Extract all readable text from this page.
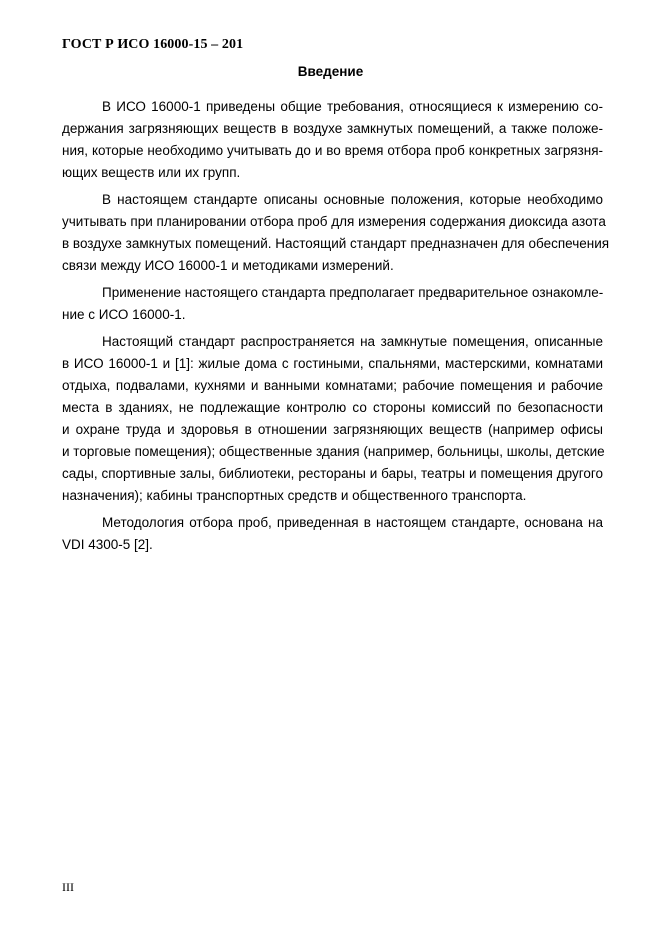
ГОСТ Р ИСО 16000-15 – 201
Введение
В ИСО 16000-1 приведены общие требования, относящиеся к измерению со-
держания загрязняющих веществ в воздухе замкнутых помещений, а также положе-
ния, которые необходимо учитывать до и во время отбора проб конкретных загрязня-
ющих веществ или их групп.
В настоящем стандарте описаны основные положения, которые необходимо
учитывать при планировании отбора проб для измерения содержания диоксида азота
в воздухе замкнутых помещений. Настоящий стандарт предназначен для обеспечения
связи между ИСО 16000-1 и методиками измерений.
Применение настоящего стандарта предполагает предварительное ознакомле-
ние с ИСО 16000-1.
Настоящий стандарт распространяется на замкнутые помещения, описанные
в ИСО 16000-1 и [1]: жилые дома с гостиными, спальнями, мастерскими, комнатами
отдыха, подвалами, кухнями и ванными комнатами; рабочие помещения и рабочие
места в зданиях, не подлежащие контролю со стороны комиссий по безопасности
и охране труда и здоровья в отношении загрязняющих веществ (например офисы
и торговые помещения); общественные здания (например, больницы, школы, детские
сады, спортивные залы, библиотеки, рестораны и бары, театры и помещения другого
назначения); кабины транспортных средств и общественного транспорта.
Методология отбора проб, приведенная в настоящем стандарте, основана на
VDI 4300-5 [2].
III
